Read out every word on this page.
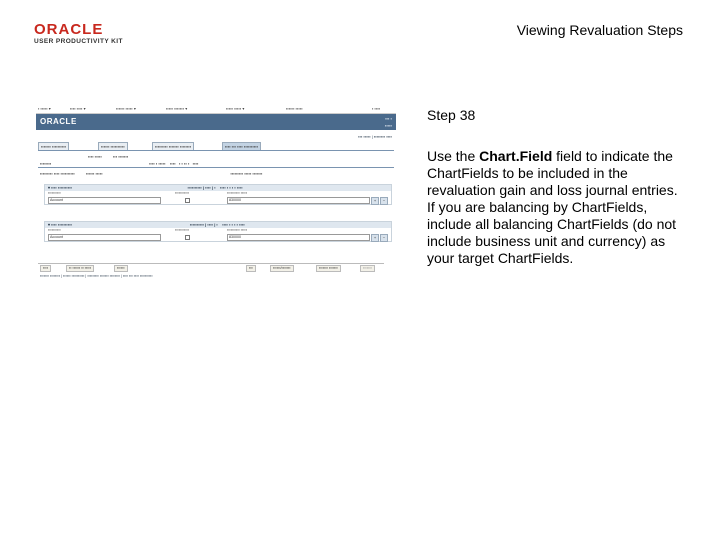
ORACLE
USER PRODUCTIVITY KIT
Viewing Revaluation Steps
▪ ▪▪▪▪▪ ▾	▪▪▪▪ ▪▪▪▪ ▾	▪▪▪▪▪▪ ▪▪▪▪▪ ▾	▪▪▪▪▪ ▪▪▪▪▪▪▪ ▾	▪▪▪▪▪ ▪▪▪▪▪ ▾	▪▪▪▪▪▪ ▪▪▪▪▪	▪ ▪▪▪▪
ORACLE	▪▪▪ ▪
▪▪▪▪▪
▪▪▪ ▪▪▪▪▪ | ▪▪▪▪▪▪▪▪ ▪▪▪▪
▪▪▪▪▪▪▪ ▪▪▪▪▪▪▪▪▪▪	▪▪▪▪▪▪ ▪▪▪▪▪▪▪▪▪▪	▪▪▪▪▪▪▪▪▪ ▪▪▪▪▪▪▪ ▪▪▪▪▪▪▪▪	▪▪▪▪ ▪▪▪ ▪▪▪▪ ▪▪▪▪▪▪▪▪▪▪
▪▪▪▪ ▪▪▪▪▪          ▪▪▪ ▪▪▪▪▪▪▪
▪▪▪▪▪▪▪▪                                                                                        ▪▪▪▪ ▪ ▪▪▪▪▪    ▪▪▪▪   ▪ ▪ ▪▪ ▪   ▪▪▪▪
▪▪▪▪▪▪▪▪▪ ▪▪▪▪ ▪▪▪▪▪▪▪▪▪▪          ▪▪▪▪▪▪ ▪▪▪▪▪                                                                                                                   ▪▪▪▪▪▪▪▪▪ ▪▪▪▪▪ ▪▪▪▪▪▪▪
▾ ▪▪▪▪ ▪▪▪▪▪▪▪▪▪▪                                                                                                        ▪▪▪▪▪▪▪▪▪▪ | ▪▪▪▪ | ▪    ▪▪▪▪ ▪ ▪ ▪ ▪ ▪▪▪▪
▪▪▪▪▪▪▪▪▪▪	▪▪▪▪▪▪▪▪▪▪▪	▪▪▪▪▪▪▪▪▪▪ ▪▪▪▪▪
Account	830000	+	−
▾ ▪▪▪▪ ▪▪▪▪▪▪▪▪▪▪                                                                                                          ▪▪▪▪▪▪▪▪▪▪ | ▪▪▪▪ | ▪    ▪▪▪▪ ▪ ▪ ▪ ▪ ▪▪▪▪
▪▪▪▪▪▪▪▪▪▪	▪▪▪▪▪▪▪▪▪▪▪	▪▪▪▪▪▪▪▪▪▪ ▪▪▪▪▪
Account	830000	+	−
▪▪▪▪	▪▪ ▪▪▪▪▪▪ ▪▪ ▪▪▪▪▪	▪▪▪▪▪▪	▪▪▪	▪▪▪▪▪▪/▪▪▪▪▪▪▪	▪▪▪▪▪▪▪ ▪▪▪▪▪▪▪	▪▪▪▪▪▪▪
▪▪▪▪▪▪▪ ▪▪▪▪▪▪▪▪ | ▪▪▪▪▪▪ ▪▪▪▪▪▪▪▪▪▪ | ▪▪▪▪▪▪▪▪▪ ▪▪▪▪▪▪▪ ▪▪▪▪▪▪▪▪ | ▪▪▪▪ ▪▪▪ ▪▪▪▪ ▪▪▪▪▪▪▪▪▪▪
Step 38
Use the Chart.Field field to indicate the ChartFields to be included in the revaluation gain and loss journal entries. If you are balancing by ChartFields, include all balancing ChartFields (do not include business unit and currency) as your target ChartFields.
